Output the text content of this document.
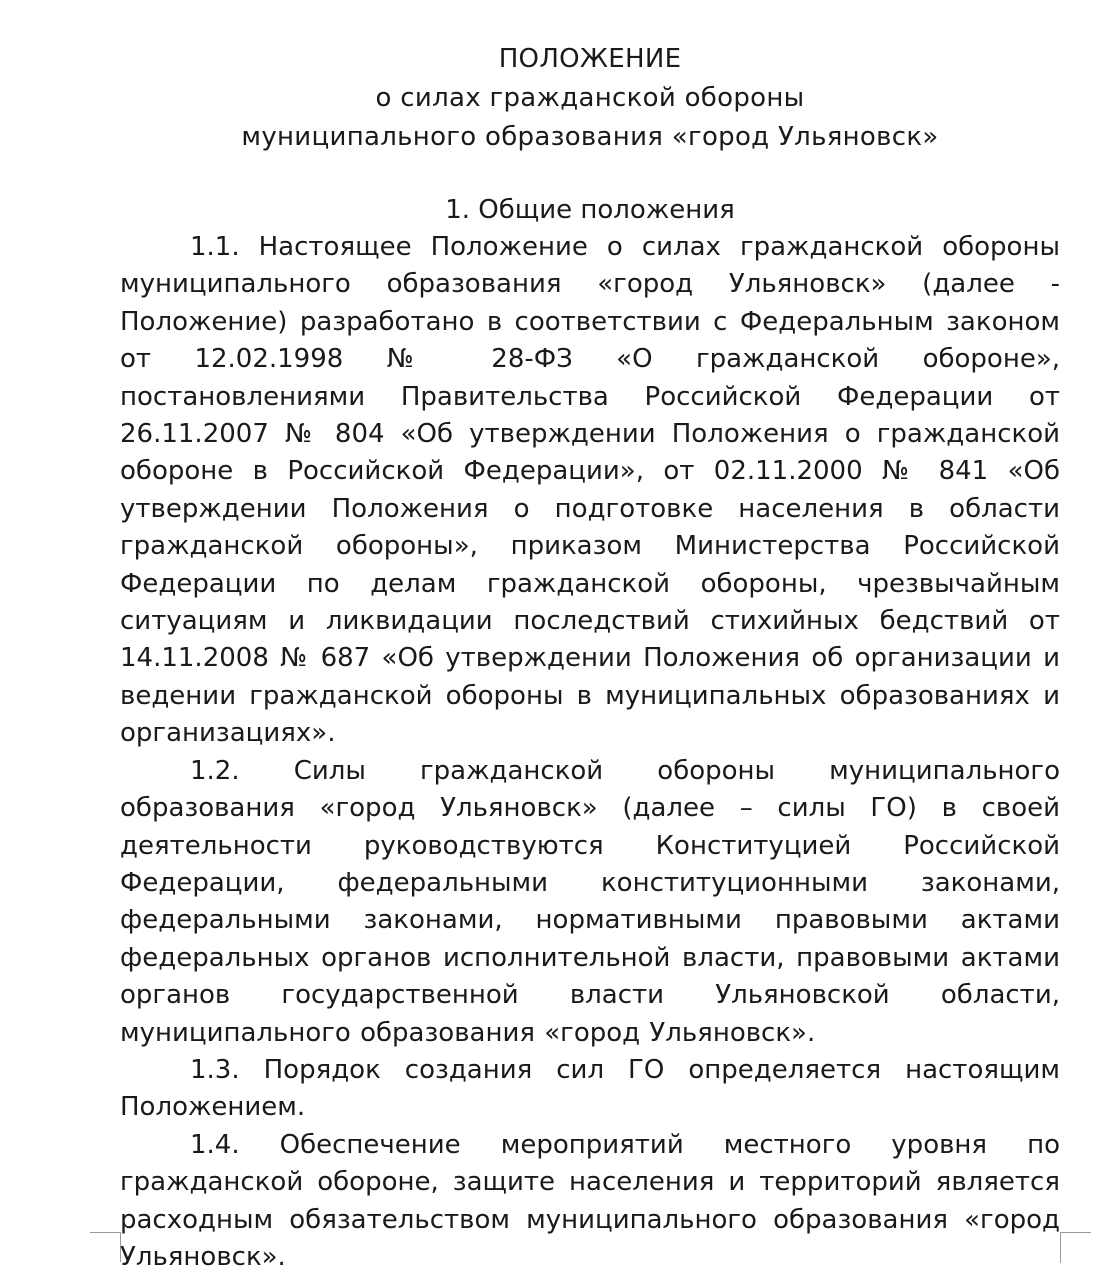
ПОЛОЖЕНИЕ
о силах гражданской обороны
муниципального образования «город Ульяновск»
1. Общие положения

1.1. Настоящее Положение о силах гражданской обороны муниципального образования «город Ульяновск» (далее - Положение) разработано в соответствии с Федеральным законом от 12.02.1998 № 28-ФЗ «О гражданской обороне», постановлениями Правительства Российской Федерации от 26.11.2007 № 804 «Об утверждении Положения о гражданской обороне в Российской Федерации», от 02.11.2000 № 841 «Об утверждении Положения о подготовке населения в области гражданской обороны», приказом Министерства Российской Федерации по делам гражданской обороны, чрезвычайным ситуациям и ликвидации последствий стихийных бедствий от 14.11.2008 № 687 «Об утверждении Положения об организации и ведении гражданской обороны в муниципальных образованиях и организациях».

1.2. Силы гражданской обороны муниципального образования «город Ульяновск» (далее – силы ГО) в своей деятельности руководствуются Конституцией Российской Федерации, федеральными конституционными законами, федеральными законами, нормативными правовыми актами федеральных органов исполнительной власти, правовыми актами органов государственной власти Ульяновской области, муниципального образования «город Ульяновск».

1.3. Порядок создания сил ГО определяется настоящим Положением.

1.4. Обеспечение мероприятий местного уровня по гражданской обороне, защите населения и территорий является расходным обязательством муниципального образования «город Ульяновск».
